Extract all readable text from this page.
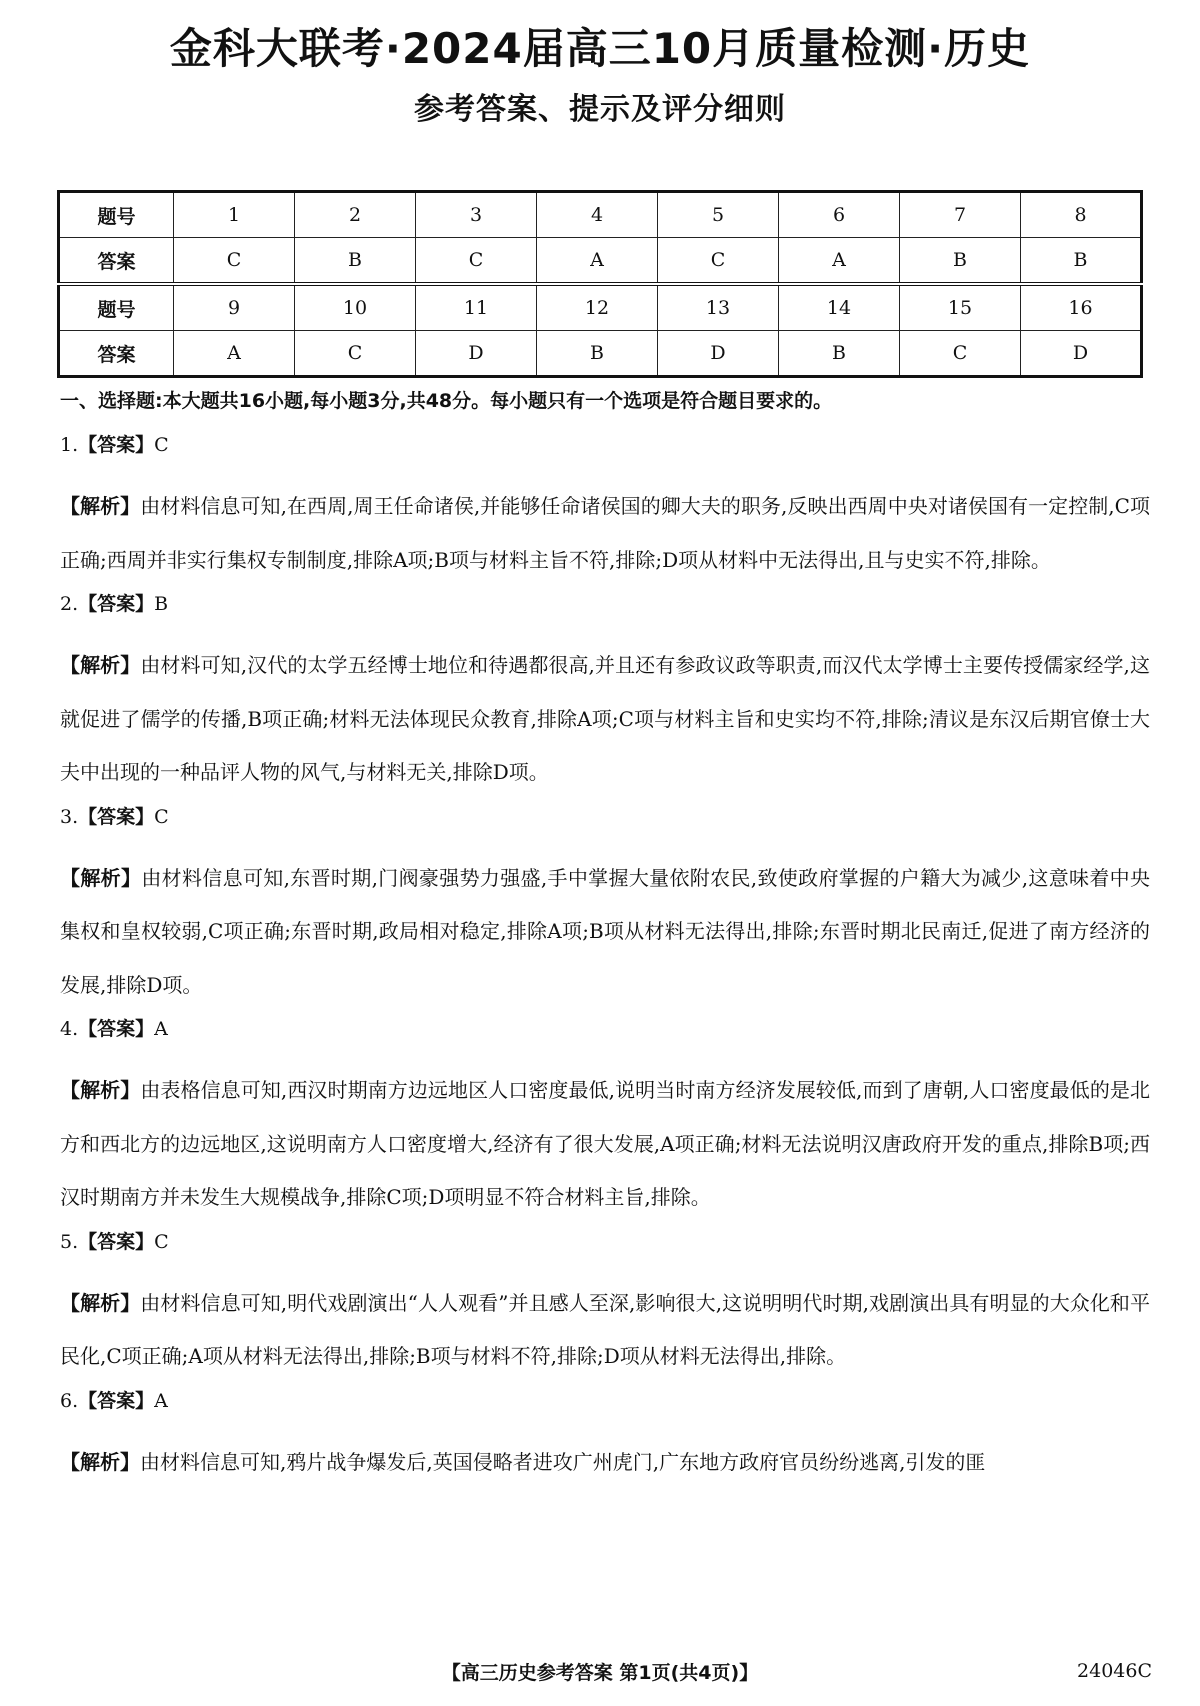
金科大联考·2024届高三10月质量检测·历史
参考答案、提示及评分细则
题号	1	2	3	4	5	6	7	8
答案	C	B	C	A	C	A	B	B
题号	9	10	11	12	13	14	15	16
答案	A	C	D	B	D	B	C	D
一、选择题:本大题共16小题,每小题3分,共48分。每小题只有一个选项是符合题目要求的。
1.【答案】C
【解析】由材料信息可知,在西周,周王任命诸侯,并能够任命诸侯国的卿大夫的职务,反映出西周中央对诸侯国有一定控制,C项正确;西周并非实行集权专制制度,排除A项;B项与材料主旨不符,排除;D项从材料中无法得出,且与史实不符,排除。
2.【答案】B
【解析】由材料可知,汉代的太学五经博士地位和待遇都很高,并且还有参政议政等职责,而汉代太学博士主要传授儒家经学,这就促进了儒学的传播,B项正确;材料无法体现民众教育,排除A项;C项与材料主旨和史实均不符,排除;清议是东汉后期官僚士大夫中出现的一种品评人物的风气,与材料无关,排除D项。
3.【答案】C
【解析】由材料信息可知,东晋时期,门阀豪强势力强盛,手中掌握大量依附农民,致使政府掌握的户籍大为减少,这意味着中央集权和皇权较弱,C项正确;东晋时期,政局相对稳定,排除A项;B项从材料无法得出,排除;东晋时期北民南迁,促进了南方经济的发展,排除D项。
4.【答案】A
【解析】由表格信息可知,西汉时期南方边远地区人口密度最低,说明当时南方经济发展较低,而到了唐朝,人口密度最低的是北方和西北方的边远地区,这说明南方人口密度增大,经济有了很大发展,A项正确;材料无法说明汉唐政府开发的重点,排除B项;西汉时期南方并未发生大规模战争,排除C项;D项明显不符合材料主旨,排除。
5.【答案】C
【解析】由材料信息可知,明代戏剧演出“人人观看”并且感人至深,影响很大,这说明明代时期,戏剧演出具有明显的大众化和平民化,C项正确;A项从材料无法得出,排除;B项与材料不符,排除;D项从材料无法得出,排除。
6.【答案】A
【解析】由材料信息可知,鸦片战争爆发后,英国侵略者进攻广州虎门,广东地方政府官员纷纷逃离,引发的匪
【高三历史参考答案 第1页(共4页)】	24046C
